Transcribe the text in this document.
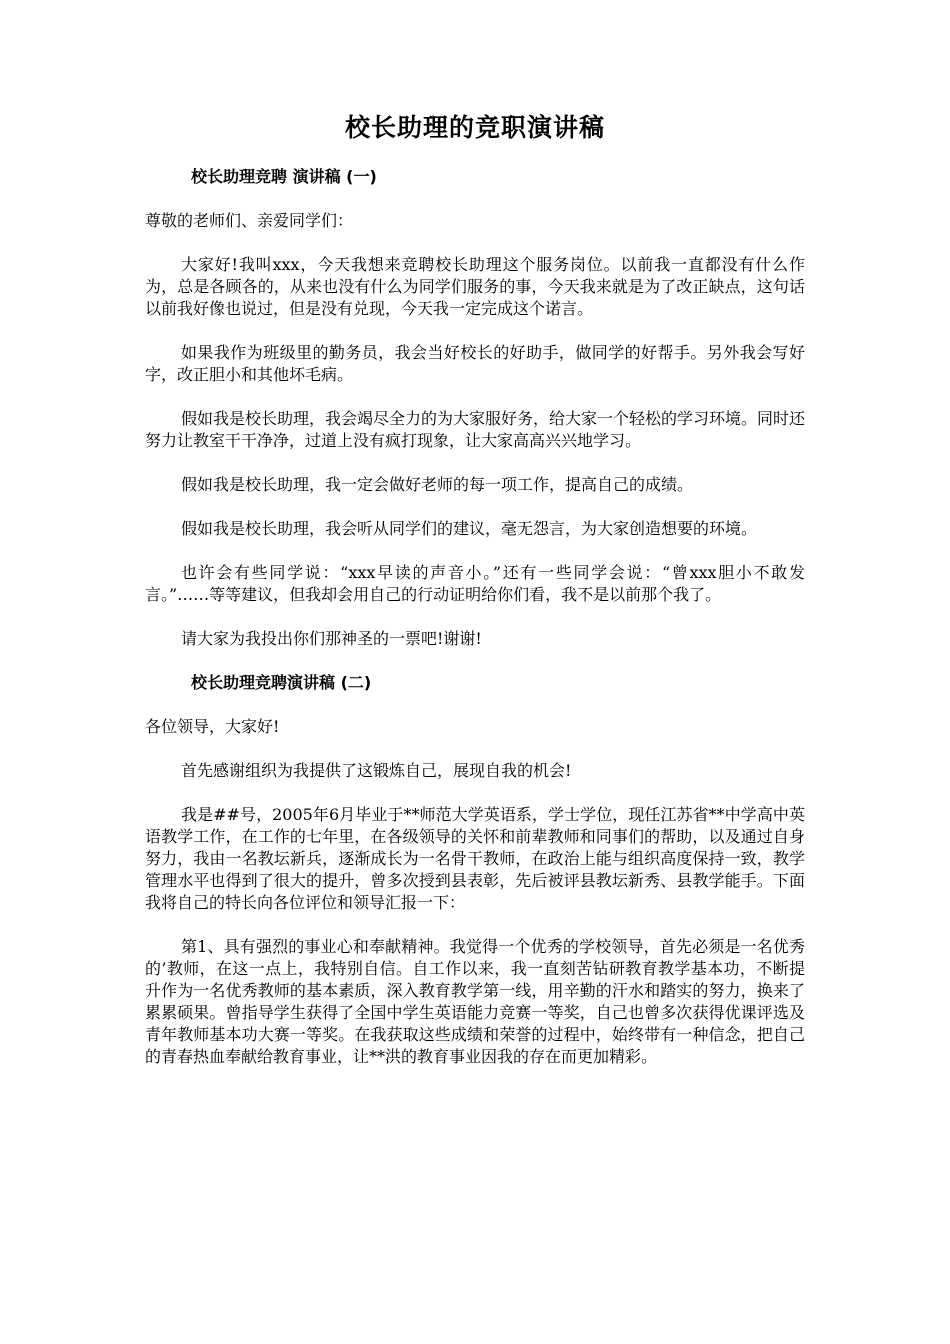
校长助理的竞职演讲稿
校长助理竞聘 演讲稿 (一)

尊敬的老师们、亲爱同学们：

大家好!我叫xxx，今天我想来竞聘校长助理这个服务岗位。以前我一直都没有什么作为，总是各顾各的，从来也没有什么为同学们服务的事，今天我来就是为了改正缺点，这句话以前我好像也说过，但是没有兑现，今天我一定完成这个诺言。

如果我作为班级里的勤务员，我会当好校长的好助手，做同学的好帮手。另外我会写好字，改正胆小和其他坏毛病。

假如我是校长助理，我会竭尽全力的为大家服好务，给大家一个轻松的学习环境。同时还努力让教室干干净净，过道上没有疯打现象，让大家高高兴兴地学习。

假如我是校长助理，我一定会做好老师的每一项工作，提高自己的成绩。

假如我是校长助理，我会听从同学们的建议，毫无怨言，为大家创造想要的环境。

也许会有些同学说：“xxx早读的声音小。”还有一些同学会说：“曾xxx胆小不敢发言。”……等等建议，但我却会用自己的行动证明给你们看，我不是以前那个我了。

请大家为我投出你们那神圣的一票吧!谢谢!

校长助理竞聘演讲稿 (二)

各位领导，大家好!

首先感谢组织为我提供了这锻炼自己，展现自我的机会!

我是##号，2005年6月毕业于**师范大学英语系，学士学位，现任江苏省**中学高中英语教学工作，在工作的七年里，在各级领导的关怀和前辈教师和同事们的帮助，以及通过自身努力，我由一名教坛新兵，逐渐成长为一名骨干教师，在政治上能与组织高度保持一致，教学管理水平也得到了很大的提升，曾多次授到县表彰，先后被评县教坛新秀、县教学能手。下面我将自己的特长向各位评位和领导汇报一下：

第1、具有强烈的事业心和奉献精神。我觉得一个优秀的学校领导，首先必须是一名优秀的’教师，在这一点上，我特别自信。自工作以来，我一直刻苦钻研教育教学基本功，不断提升作为一名优秀教师的基本素质，深入教育教学第一线，用辛勤的汗水和踏实的努力，换来了累累硕果。曾指导学生获得了全国中学生英语能力竞赛一等奖，自己也曾多次获得优课评选及青年教师基本功大赛一等奖。在我获取这些成绩和荣誉的过程中，始终带有一种信念，把自己的青春热血奉献给教育事业，让**洪的教育事业因我的存在而更加精彩。
